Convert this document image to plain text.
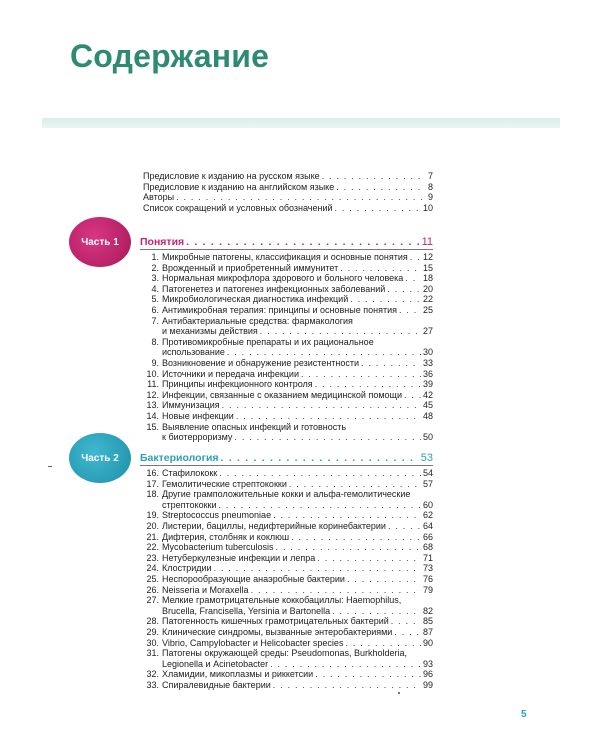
Содержание
Предисловие к изданию на русском языке . . .	7
Предисловие к изданию на английском языке . . .	8
Авторы . . .	9
Список сокращений и условных обозначений . . .	10
Понятия . . .	11
1. Микробные патогены, классификация и основные понятия . . . 12
2. Врожденный и приобретенный иммунитет . . .	15
3. Нормальная микрофлора здорового и больного человека . . . 18
4. Патогенетез и патогенез инфекционных заболеваний . . .	20
5. Микробиологическая диагностика инфекций . . .	22
6. Антимикробная терапия: принципы и основные понятия . . .	25
7. Антибактериальные средства: фармакология
и механизмы действия . . .	27
8. Противомикробные препараты и их рациональное
использование . . .	30
9. Возникновение и обнаружение резистентности . . .	33
10. Источники и передача инфекции . . .	36
11. Принципы инфекционного контроля . . .	39
12. Инфекции, связанные с оказанием медицинской помощи . . . 42
13. Иммунизация . . .	45
14. Новые инфекции . . .	48
15. Выявление опасных инфекций и готовность
к биотерроризму . . .	50
Бактериология . . .	53
16. Стафилококк . . .	54
17. Гемолитические стрептококки . . .	57
18. Другие грамположительные кокки и альфа-гемолитические
стрептококки . . .	60
19. Streptococcus pneumoniae . . .	62
20. Листерии, бациллы, недифтерийные коринебактерии . . .	64
21. Дифтерия, столбняк и коклюш . . .	66
22. Mycobacterium tuberculosis . . .	68
23. Нетуберкулезные инфекции и лепра . . .	71
24. Клостридии . . .	73
25. Неспорообразующие анаэробные бактерии . . .	76
26. Neisseria и Moraxella . . .	79
27. Мелкие грамотрицательные коккобациллы: Haemophilus,
Brucella, Francisella, Yersinia и Bartonella . . .	82
28. Патогенность кишечных грамотрицательных бактерий . . .	85
29. Клинические синдромы, вызванные энтеробактериями . . .	87
30. Vibrio, Campylobacter и Helicobacter species . . .	90
31. Патогены окружающей среды: Pseudomonas, Burkholderia,
Legionella и Acinetobacter . . .	93
32. Хламидии, микоплазмы и риккетсии . . .	96
33. Спиралевидные бактерии . . .	99
Часть 1
Часть 2
5
